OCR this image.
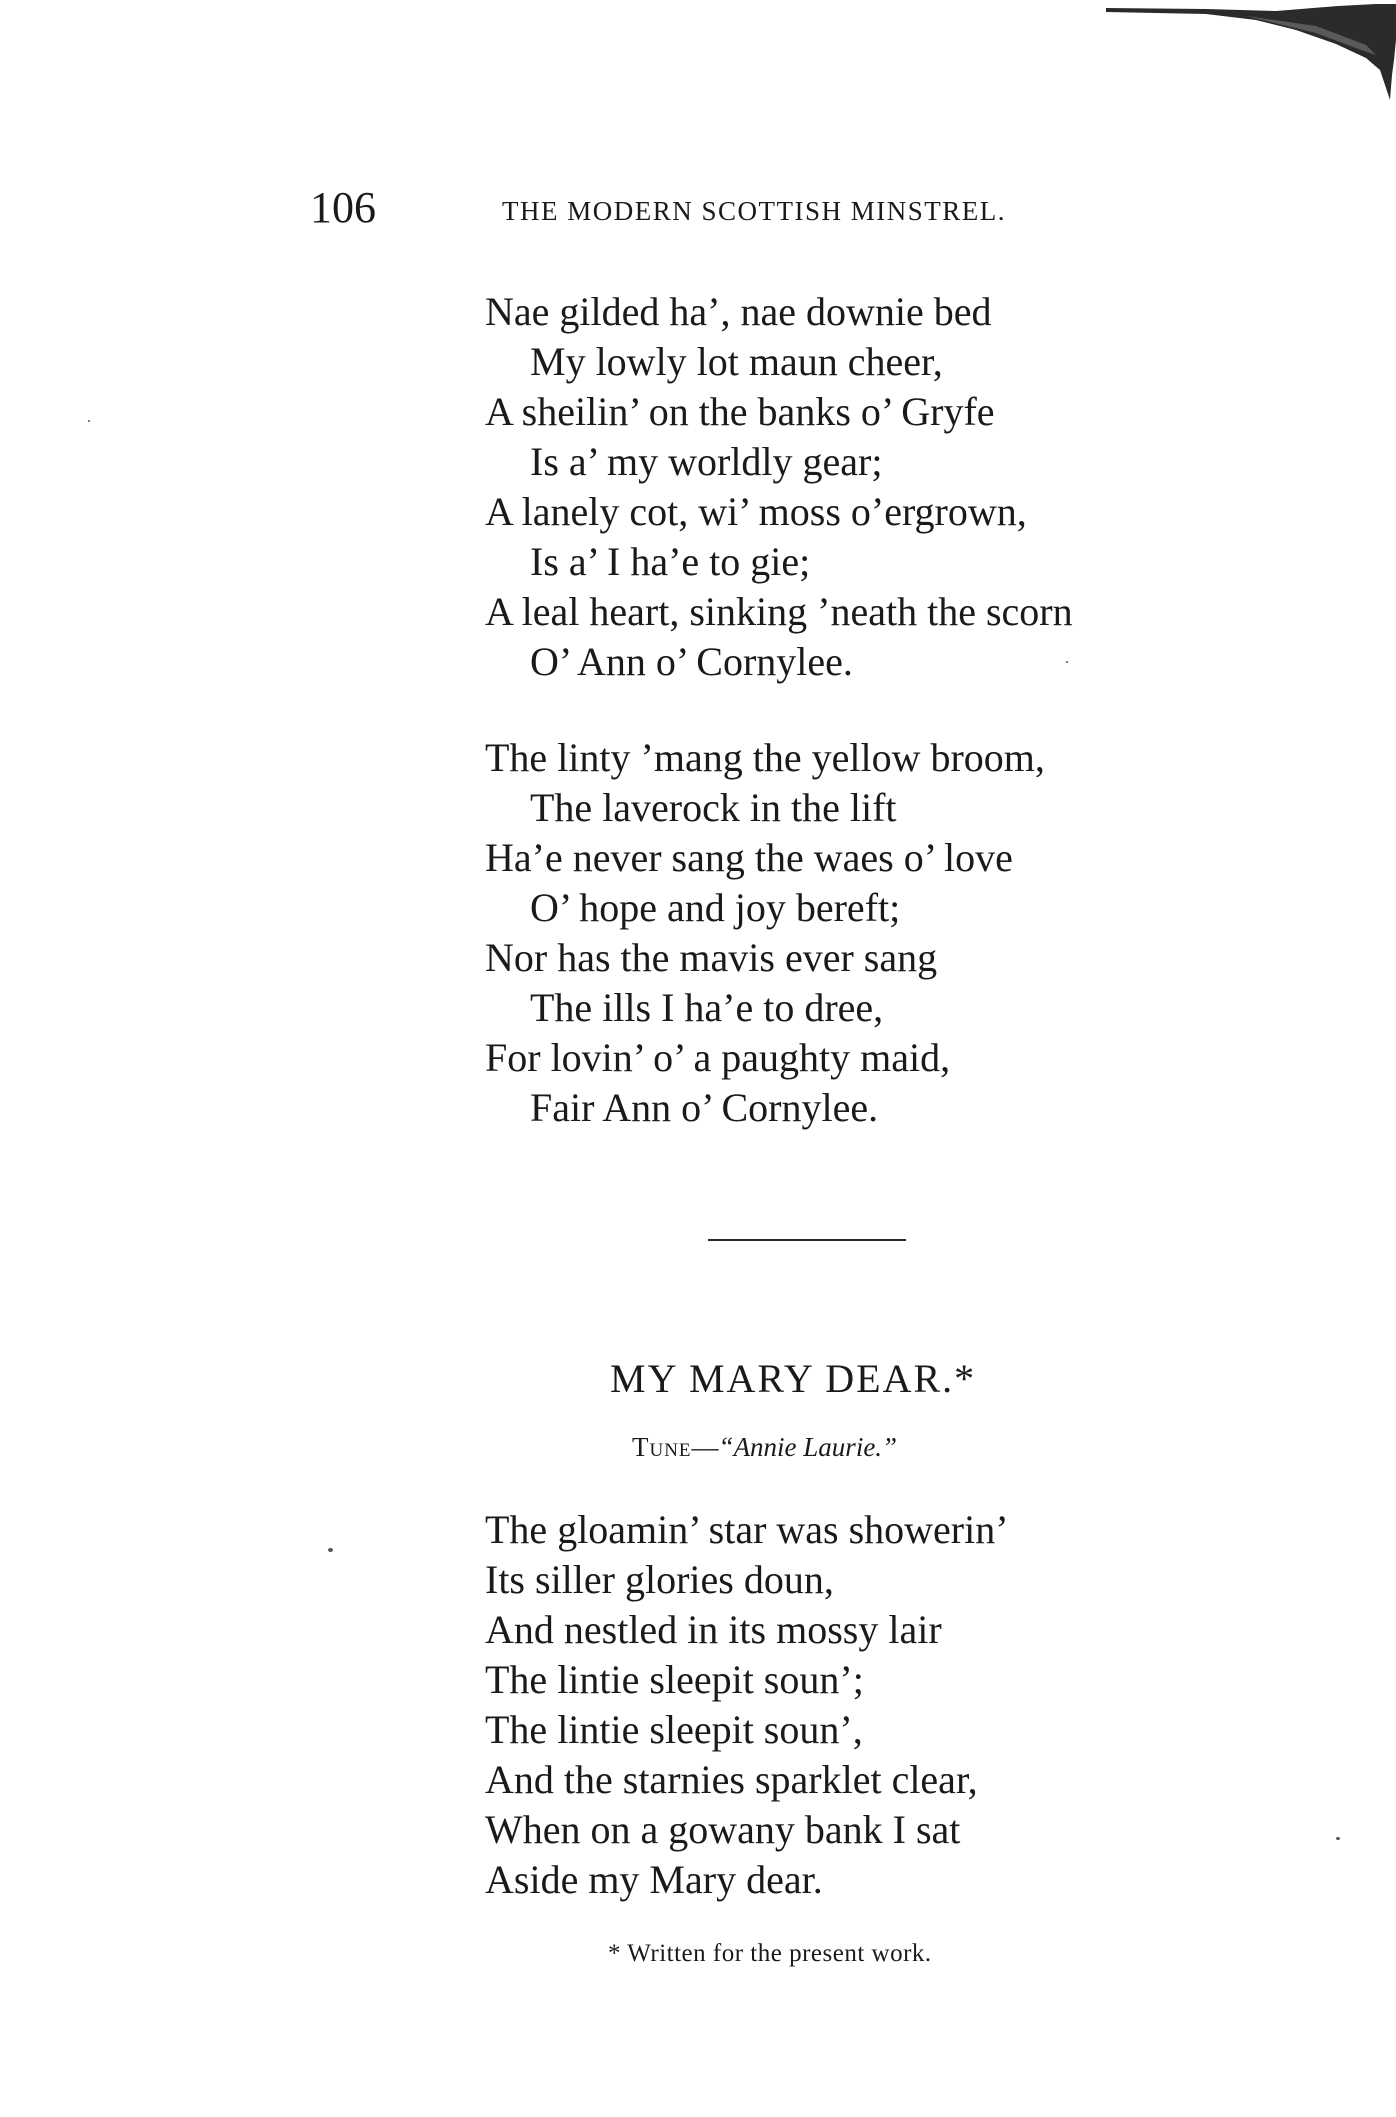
106	THE MODERN SCOTTISH MINSTREL.
Nae gilded ha’, nae downie bed
My lowly lot maun cheer,
A sheilin’ on the banks o’ Gryfe
Is a’ my worldly gear;
A lanely cot, wi’ moss o’ergrown,
Is a’ I ha’e to gie;
A leal heart, sinking ’neath the scorn
O’ Ann o’ Cornylee.
The linty ’mang the yellow broom,
The laverock in the lift
Ha’e never sang the waes o’ love
O’ hope and joy bereft;
Nor has the mavis ever sang
The ills I ha’e to dree,
For lovin’ o’ a paughty maid,
Fair Ann o’ Cornylee.
MY MARY DEAR.*
Tune—“Annie Laurie.”
The gloamin’ star was showerin’
Its siller glories doun,
And nestled in its mossy lair
The lintie sleepit soun’;
The lintie sleepit soun’,
And the starnies sparklet clear,
When on a gowany bank I sat
Aside my Mary dear.
* Written for the present work.
